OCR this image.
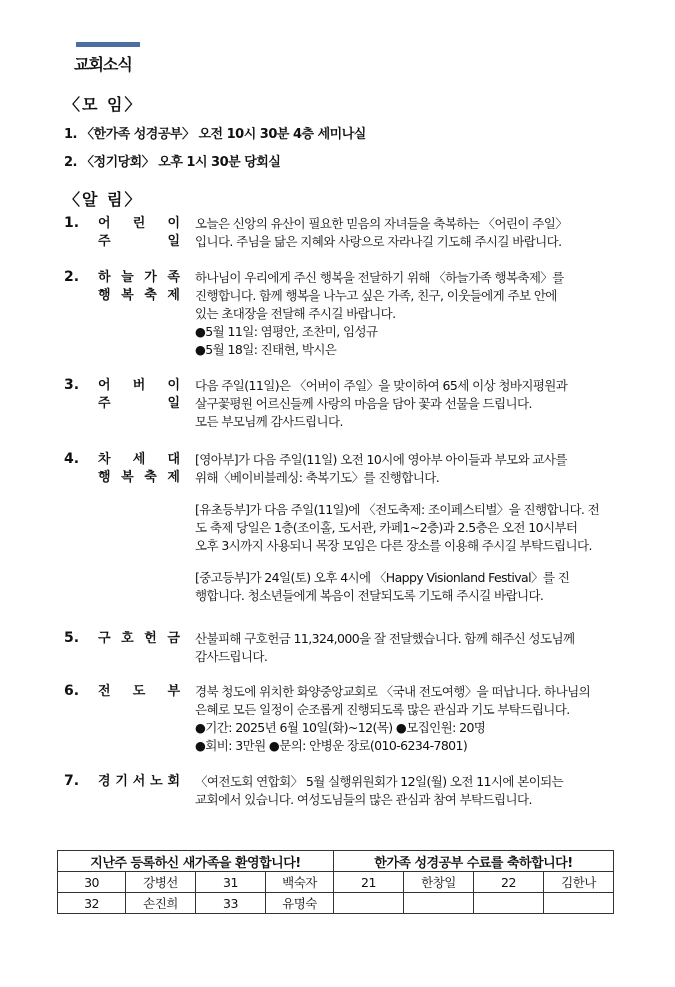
교회소식
〈모 임〉
1. 〈한가족 성경공부〉 오전 10시 30분 4층 세미나실
2. 〈정기당회〉 오후 1시 30분 당회실
〈알 림〉
1. 어 린 이
주	일
오늘은 신앙의 유산이 필요한 믿음의 자녀들을 축복하는 〈어린이 주일〉
입니다. 주님을 닮은 지혜와 사랑으로 자라나길 기도해 주시길 바랍니다.
2. 하 늘 가 족
행 복 축 제
하나님이 우리에게 주신 행복을 전달하기 위해 〈하늘가족 행복축제〉를
진행합니다. 함께 행복을 나누고 싶은 가족, 친구, 이웃들에게 주보 안에
있는 초대장을 전달해 주시길 바랍니다.
●5월 11일: 염평안, 조찬미, 임성규
●5월 18일: 진태현, 박시은
3. 어 버 이
주	일
다음 주일(11일)은 〈어버이 주일〉을 맞이하여 65세 이상 청바지평원과
살구꽃평원 어르신들께 사랑의 마음을 담아 꽃과 선물을 드립니다.
모든 부모님께 감사드립니다.
4. 차 세 대
행 복 축 제
[영아부]가 다음 주일(11일) 오전 10시에 영아부 아이들과 부모와 교사를
위해〈베이비블레싱: 축복기도〉를 진행합니다.
[유초등부]가 다음 주일(11일)에 〈전도축제: 조이페스티벌〉을 진행합니다. 전
도 축제 당일은 1층(조이홀, 도서관, 카페1~2층)과 2.5층은 오전 10시부터
오후 3시까지 사용되니 목장 모임은 다른 장소를 이용해 주시길 부탁드립니다.
[중고등부]가 24일(토) 오후 4시에 〈Happy Visionland Festival〉를 진
행합니다. 청소년들에게 복음이 전달되도록 기도해 주시길 바랍니다.
5. 구 호 헌 금 산불피해 구호헌금 11,324,000을 잘 전달했습니다. 함께 해주신 성도님께
감사드립니다.
6. 전 도 부 경북 청도에 위치한 화양중앙교회로 〈국내 전도여행〉을 떠납니다. 하나님의
은혜로 모든 일정이 순조롭게 진행되도록 많은 관심과 기도 부탁드립니다.
●기간: 2025년 6월 10일(화)~12(목) ●모집인원: 20명
●회비: 3만원 ●문의: 안병운 장로(010-6234-7801)
7. 경 기 서 노 회 〈여전도회 연합회〉 5월 실행위원회가 12일(월) 오전 11시에 본이되는
교회에서 있습니다. 여성도님들의 많은 관심과 참여 부탁드립니다.
지난주 등록하신 새가족을 환영합니다!				한가족 성경공부 수료를 축하합니다!			
30	강병선	31	백숙자	21	한창일	22	김한나
32	손진희	33	유명숙				
